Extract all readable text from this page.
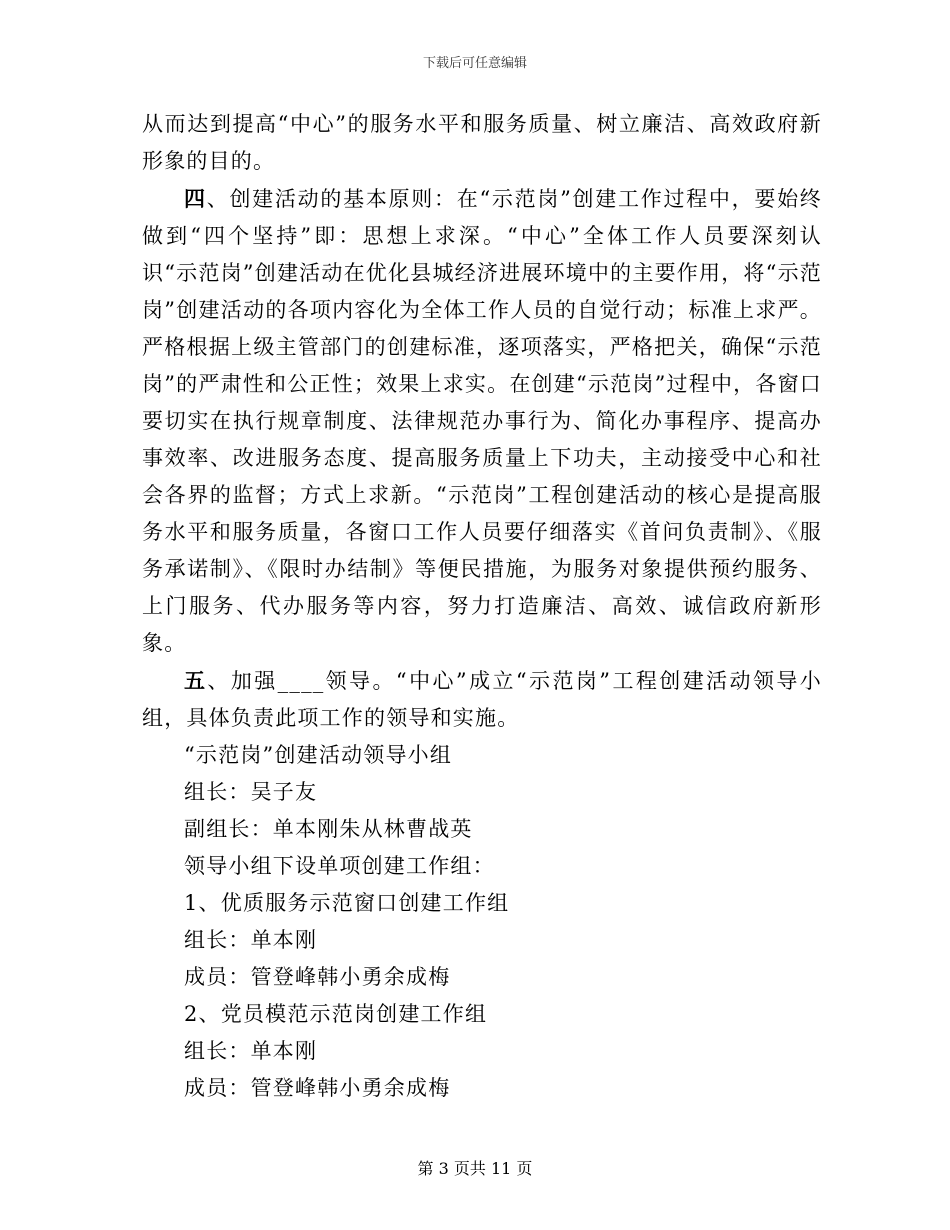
下载后可任意编辑

从而达到提高“中心”的服务水平和服务质量、树立廉洁、高效政府新形象的目的。

四、创建活动的基本原则：在“示范岗”创建工作过程中，要始终做到“四个坚持”即：思想上求深。“中心”全体工作人员要深刻认识“示范岗”创建活动在优化县城经济进展环境中的主要作用，将“示范岗”创建活动的各项内容化为全体工作人员的自觉行动；标准上求严。严格根据上级主管部门的创建标准，逐项落实，严格把关，确保“示范岗”的严肃性和公正性；效果上求实。在创建“示范岗”过程中，各窗口要切实在执行规章制度、法律规范办事行为、简化办事程序、提高办事效率、改进服务态度、提高服务质量上下功夫，主动接受中心和社会各界的监督；方式上求新。“示范岗”工程创建活动的核心是提高服务水平和服务质量，各窗口工作人员要仔细落实《首问负责制》、《服务承诺制》、《限时办结制》等便民措施，为服务对象提供预约服务、上门服务、代办服务等内容，努力打造廉洁、高效、诚信政府新形象。

五、加强____领导。“中心”成立“示范岗”工程创建活动领导小组，具体负责此项工作的领导和实施。

“示范岗”创建活动领导小组

组长：吴子友

副组长：单本刚朱从林曹战英

领导小组下设单项创建工作组：

1、优质服务示范窗口创建工作组

组长：单本刚

成员：管登峰韩小勇余成梅

2、党员模范示范岗创建工作组

组长：单本刚

成员：管登峰韩小勇余成梅

第 3 页共 11 页
